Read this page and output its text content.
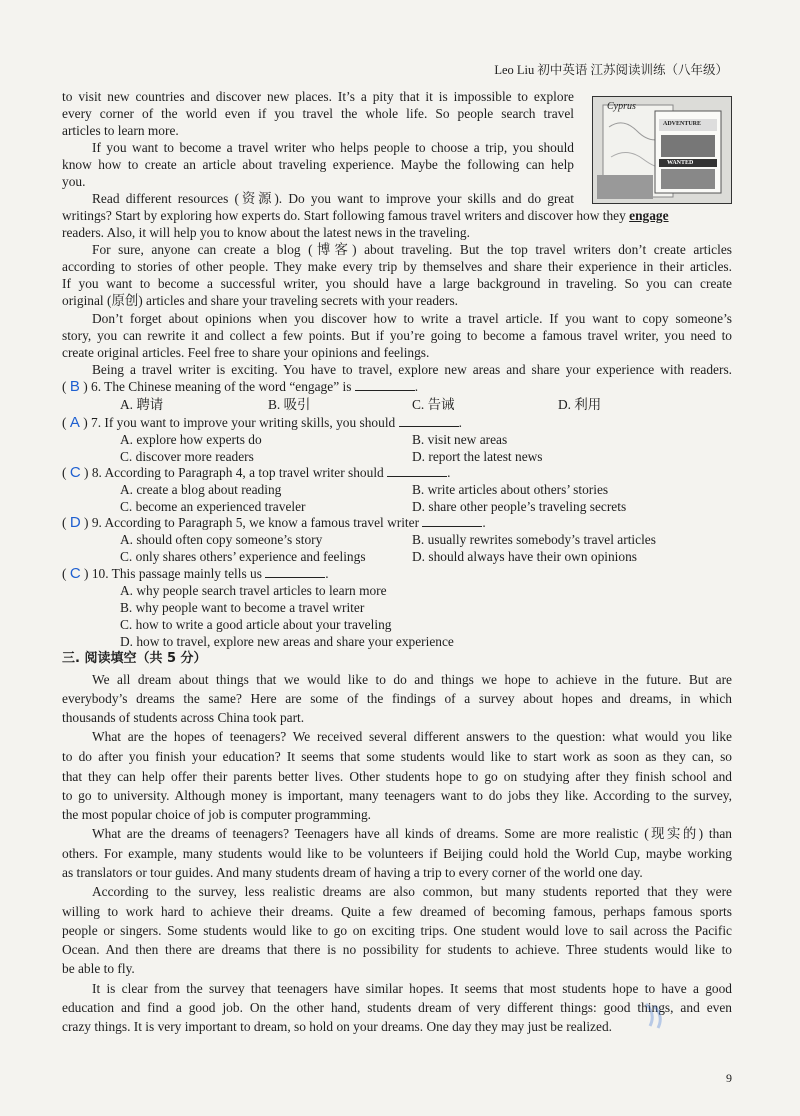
Leo Liu 初中英语 江苏阅读训练（八年级）
Cyprus
ADVENTURE
WANTED
to visit new countries and discover new places. It’s a pity that it is impossible to explore
every corner of the world even if you travel the whole life. So people search travel
articles to learn more.
If you want to become a travel writer who helps people to choose a trip, you should
know how to create an article about traveling experience. Maybe the following can help
you.
Read different resources (资源). Do you want to improve your skills and do great
writings? Start by exploring how experts do. Start following famous travel writers and discover how they engage
readers. Also, it will help you to know about the latest news in the traveling.
For sure, anyone can create a blog (博客) about traveling. But the top travel writers don’t create articles
according to stories of other people. They make every trip by themselves and share their experience in their articles.
If you want to become a successful writer, you should have a large background in traveling. So you can create
original (原创) articles and share your traveling secrets with your readers.
Don’t forget about opinions when you discover how to write a travel article. If you want to copy someone’s
story, you can rewrite it and collect a few points. But if you’re going to become a famous travel writer, you need to
create original articles. Feel free to share your opinions and feelings.
Being a travel writer is exciting. You have to travel, explore new areas and share your experience with readers.
( B ) 6. The Chinese meaning of the word “engage” is	.
A. 聘请	B. 吸引	C. 告诫	D. 利用
( A ) 7. If you want to improve your writing skills, you should	.
A. explore how experts do	B. visit new areas
C. discover more readers	D. report the latest news
( C ) 8. According to Paragraph 4, a top travel writer should	.
A. create a blog about reading	B. write articles about others’ stories
C. become an experienced traveler	D. share other people’s traveling secrets
( D ) 9. According to Paragraph 5, we know a famous travel writer	.
A. should often copy someone’s story	B. usually rewrites somebody’s travel articles
C. only shares others’ experience and feelings	D. should always have their own opinions
( C ) 10. This passage mainly tells us	.
A. why people search travel articles to learn more
B. why people want to become a travel writer
C. how to write a good article about your traveling
D. how to travel, explore new areas and share your experience
三. 阅读填空（共 5 分）
We all dream about things that we would like to do and things we hope to achieve in the future. But are
everybody’s dreams the same? Here are some of the findings of a survey about hopes and dreams, in which
thousands of students across China took part.
What are the hopes of teenagers? We received several different answers to the question: what would you like
to do after you finish your education? It seems that some students would like to start work as soon as they can, so
that they can help offer their parents better lives. Other students hope to go on studying after they finish school and
to go to university. Although money is important, many teenagers want to do jobs they like. According to the survey,
the most popular choice of job is computer programming.
What are the dreams of teenagers? Teenagers have all kinds of dreams. Some are more realistic (现实的) than
others. For example, many students would like to be volunteers if Beijing could hold the World Cup, maybe working
as translators or tour guides. And many students dream of having a trip to every corner of the world one day.
According to the survey, less realistic dreams are also common, but many students reported that they were
willing to work hard to achieve their dreams. Quite a few dreamed of becoming famous, perhaps famous sports
people or singers. Some students would like to go on exciting trips. One student would love to sail across the Pacific
Ocean. And then there are dreams that there is no possibility for students to achieve. Three students would like to
be able to fly.
It is clear from the survey that teenagers have similar hopes. It seems that most students hope to have a good
education and find a good job. On the other hand, students dream of very different things: good things, and even
crazy things. It is very important to dream, so hold on your dreams. One day they may just be realized.
9
